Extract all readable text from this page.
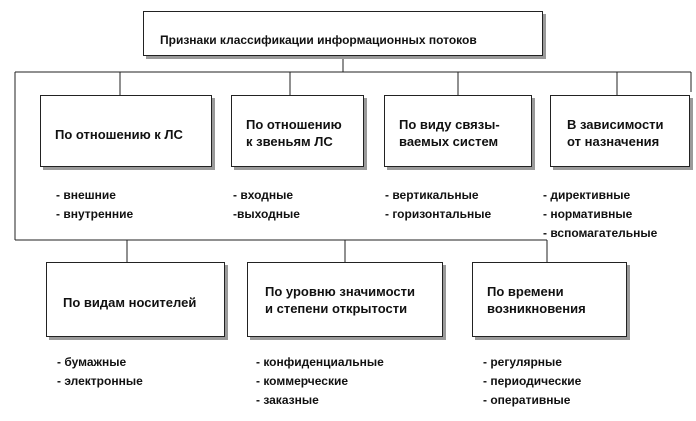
Признаки классификации информационных потоков
По отношению к ЛС
По отношению
к звеньям ЛС
По виду связы-
ваемых систем
В зависимости
от назначения
- внешние
- внутренние
- входные
-выходные
- вертикальные
- горизонтальные
- директивные
- нормативные
- вспомагательные
По видам носителей
По уровню значимости
и степени открытости
По времени
возникновения
- бумажные
- электронные
- конфиденциальные
- коммерческие
- заказные
- регулярные
- периодические
- оперативные
